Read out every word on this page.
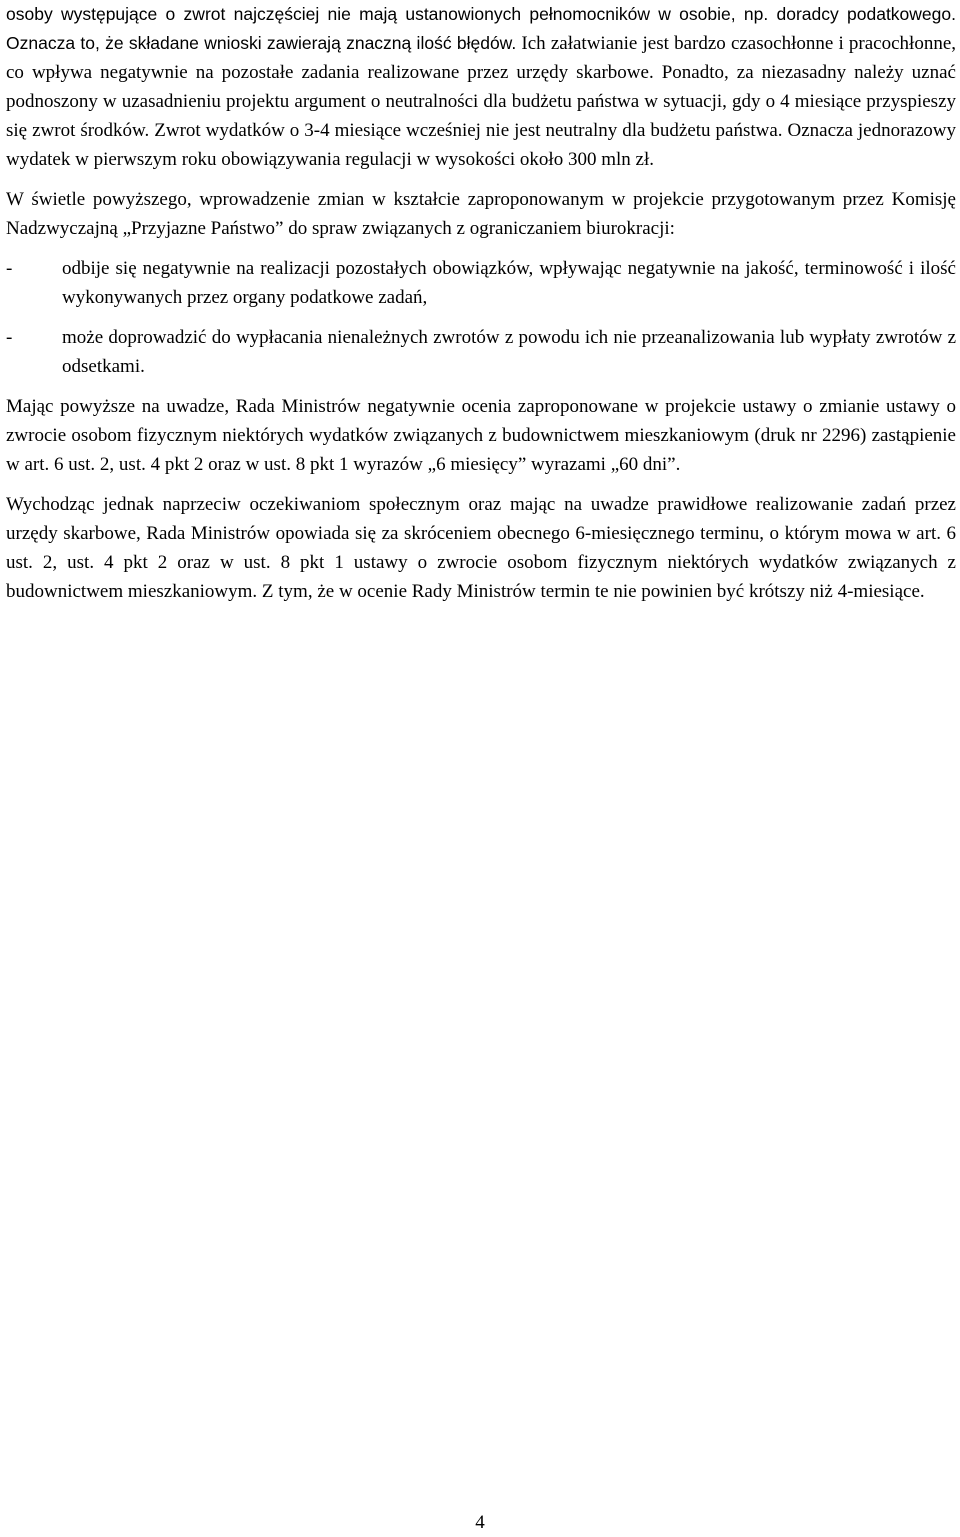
osoby występujące o zwrot najczęściej nie mają ustanowionych pełnomocników w osobie, np. doradcy podatkowego. Oznacza to, że składane wnioski zawierają znaczną ilość błędów. Ich załatwianie jest bardzo czasochłonne i pracochłonne, co wpływa negatywnie na pozostałe zadania realizowane przez urzędy skarbowe. Ponadto, za niezasadny należy uznać podnoszony w uzasadnieniu projektu argument o neutralności dla budżetu państwa w sytuacji, gdy o 4 miesiące przyspieszy się zwrot środków. Zwrot wydatków o 3-4 miesiące wcześniej nie jest neutralny dla budżetu państwa. Oznacza jednorazowy wydatek w pierwszym roku obowiązywania regulacji w wysokości około 300 mln zł.

W świetle powyższego, wprowadzenie zmian w kształcie zaproponowanym w projekcie przygotowanym przez Komisję Nadzwyczajną „Przyjazne Państwo” do spraw związanych z ograniczaniem biurokracji:

-	odbije się negatywnie na realizacji pozostałych obowiązków, wpływając negatywnie na jakość, terminowość i ilość wykonywanych przez organy podatkowe zadań,
-	może doprowadzić do wypłacania nienależnych zwrotów z powodu ich nie przeanalizowania lub wypłaty zwrotów z odsetkami.

Mając powyższe na uwadze, Rada Ministrów negatywnie ocenia zaproponowane w projekcie ustawy o zmianie ustawy o zwrocie osobom fizycznym niektórych wydatków związanych z budownictwem mieszkaniowym (druk nr 2296) zastąpienie w art. 6 ust. 2, ust. 4 pkt 2 oraz w ust. 8 pkt 1 wyrazów „6 miesięcy” wyrazami „60 dni”.

Wychodząc jednak naprzeciw oczekiwaniom społecznym oraz mając na uwadze prawidłowe realizowanie zadań przez urzędy skarbowe, Rada Ministrów opowiada się za skróceniem obecnego 6-miesięcznego terminu, o którym mowa w art. 6 ust. 2, ust. 4 pkt 2 oraz w ust. 8 pkt 1 ustawy o zwrocie osobom fizycznym niektórych wydatków związanych z budownictwem mieszkaniowym. Z tym, że w ocenie Rady Ministrów termin te nie powinien być krótszy niż 4-miesiące.

4
